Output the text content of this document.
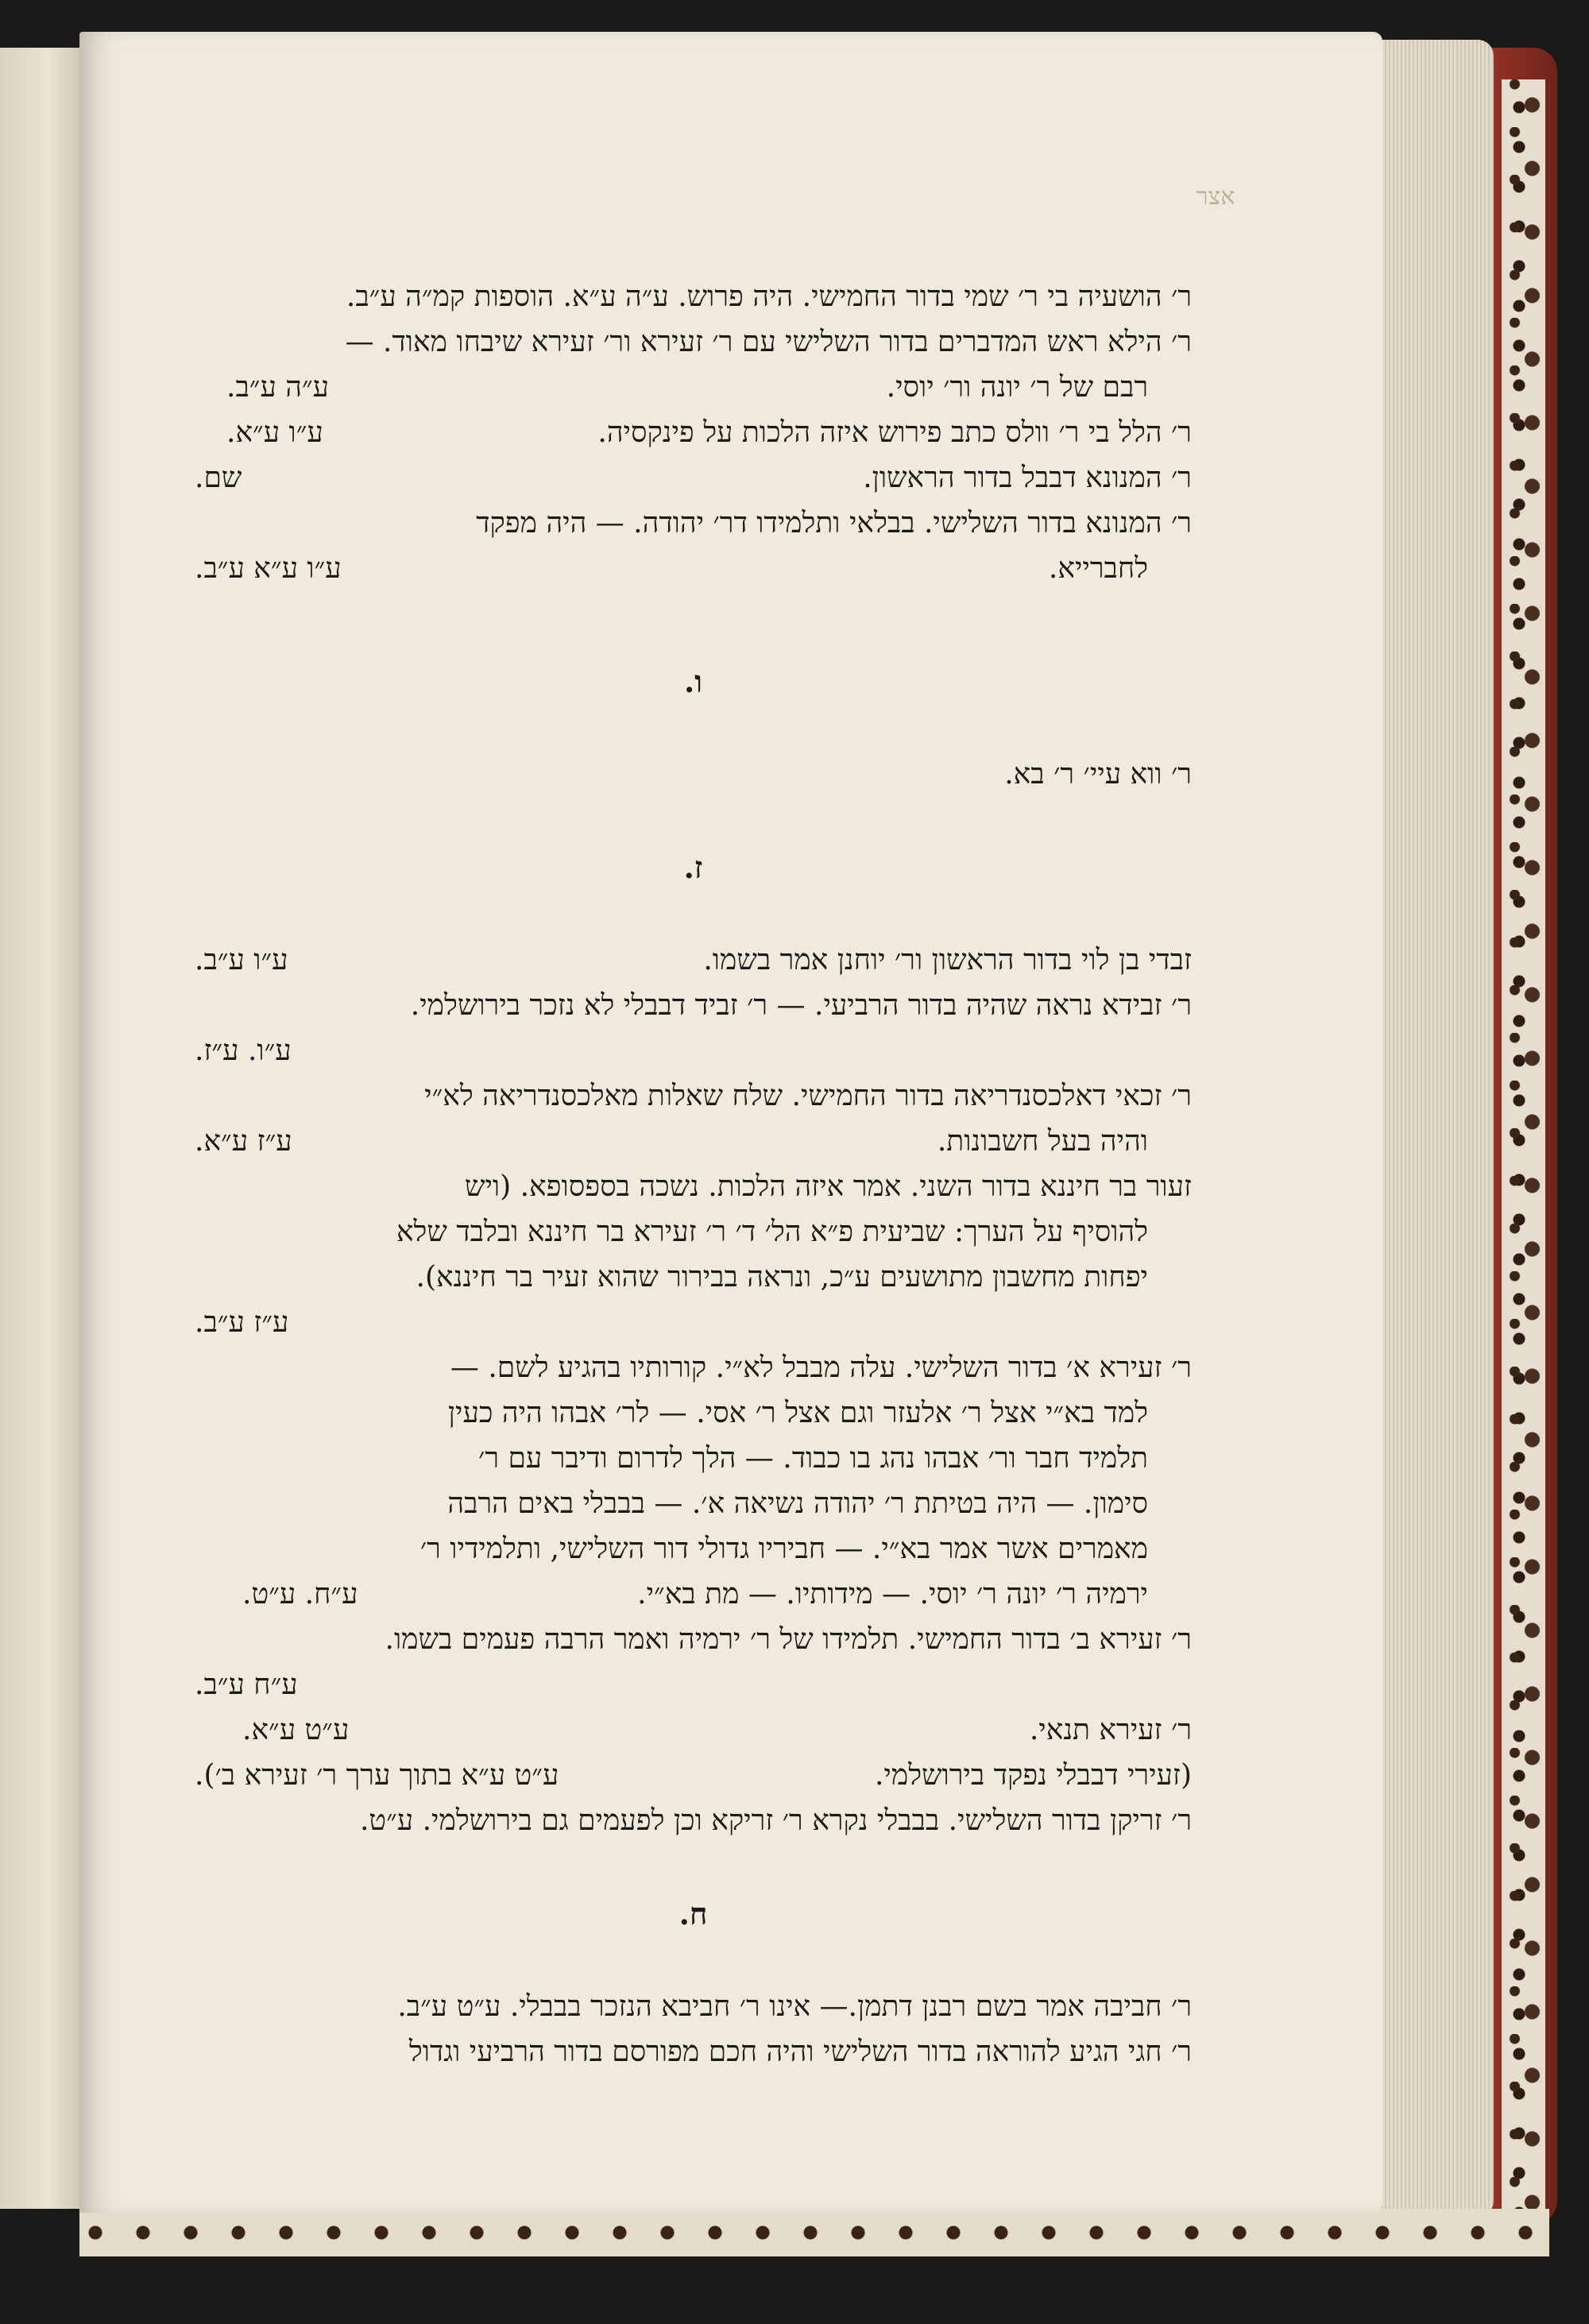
אצר
ר׳ הושעיה בי ר׳ שמי בדור החמישי. היה פרוש. ע״ה ע״א. הוספות קמ״ה ע״ב.
ר׳ הילא ראש המדברים בדור השלישי עם ר׳ זעירא ור׳ זעירא שיבחו מאוד. —
רבם של ר׳ יונה ור׳ יוסי.
ע״ה ע״ב.
ר׳ הלל בי ר׳ וולס כתב פירוש איזה הלכות על פינקסיה.
ע״ו ע״א.
ר׳ המנונא דבבל בדור הראשון.
שם.
ר׳ המנונא בדור השלישי. בבלאי ותלמידו דר׳ יהודה. — היה מפקד
לחברייא.
ע״ו ע״א ע״ב.
ו.
ר׳ ווא עיי׳ ר׳ בא.
ז.
זבדי בן לוי בדור הראשון ור׳ יוחנן אמר בשמו.
ע״ו ע״ב.
ר׳ זבידא נראה שהיה בדור הרביעי. — ר׳ זביד דבבלי לא נזכר בירושלמי.
ע״ו. ע״ז.
ר׳ זכאי דאלכסנדריאה בדור החמישי. שלח שאלות מאלכסנדריאה לא״י
והיה בעל חשבונות.
ע״ז ע״א.
זעור בר חיננא בדור השני. אמר איזה הלכות. נשכה בספסופא. (ויש
להוסיף על הערך: שביעית פ״א הל׳ ד׳ ר׳ זעירא בר חיננא ובלבד שלא
יפחות מחשבון מתושעים ע״כ, ונראה בבירור שהוא זעיר בר חיננא).
ע״ז ע״ב.
ר׳ זעירא א׳ בדור השלישי. עלה מבבל לא״י. קורותיו בהגיע לשם. —
למד בא״י אצל ר׳ אלעזר וגם אצל ר׳ אסי. — לר׳ אבהו היה כעין
תלמיד חבר ור׳ אבהו נהג בו כבוד. — הלך לדרום ודיבר עם ר׳
סימון. — היה בטיתת ר׳ יהודה נשיאה א׳. — בבבלי באים הרבה
מאמרים אשר אמר בא״י. — חביריו גדולי דור השלישי, ותלמידיו ר׳
ירמיה ר׳ יונה ר׳ יוסי. — מידותיו. — מת בא״י.
ע״ח. ע״ט.
ר׳ זעירא ב׳ בדור החמישי. תלמידו של ר׳ ירמיה ואמר הרבה פעמים בשמו.
ע״ח ע״ב.
ר׳ זעירא תנאי.
ע״ט ע״א.
(זעירי דבבלי נפקד בירושלמי.
ע״ט ע״א בתוך ערך ר׳ זעירא ב׳).
ר׳ זריקן בדור השלישי. בבבלי נקרא ר׳ זריקא וכן לפעמים גם בירושלמי. ע״ט.
ח.
ר׳ חביבה אמר בשם רבנן דתמן.— אינו ר׳ חביבא הנזכר בבבלי. ע״ט ע״ב.
ר׳ חגי הגיע להוראה בדור השלישי והיה חכם מפורסם בדור הרביעי וגדול
